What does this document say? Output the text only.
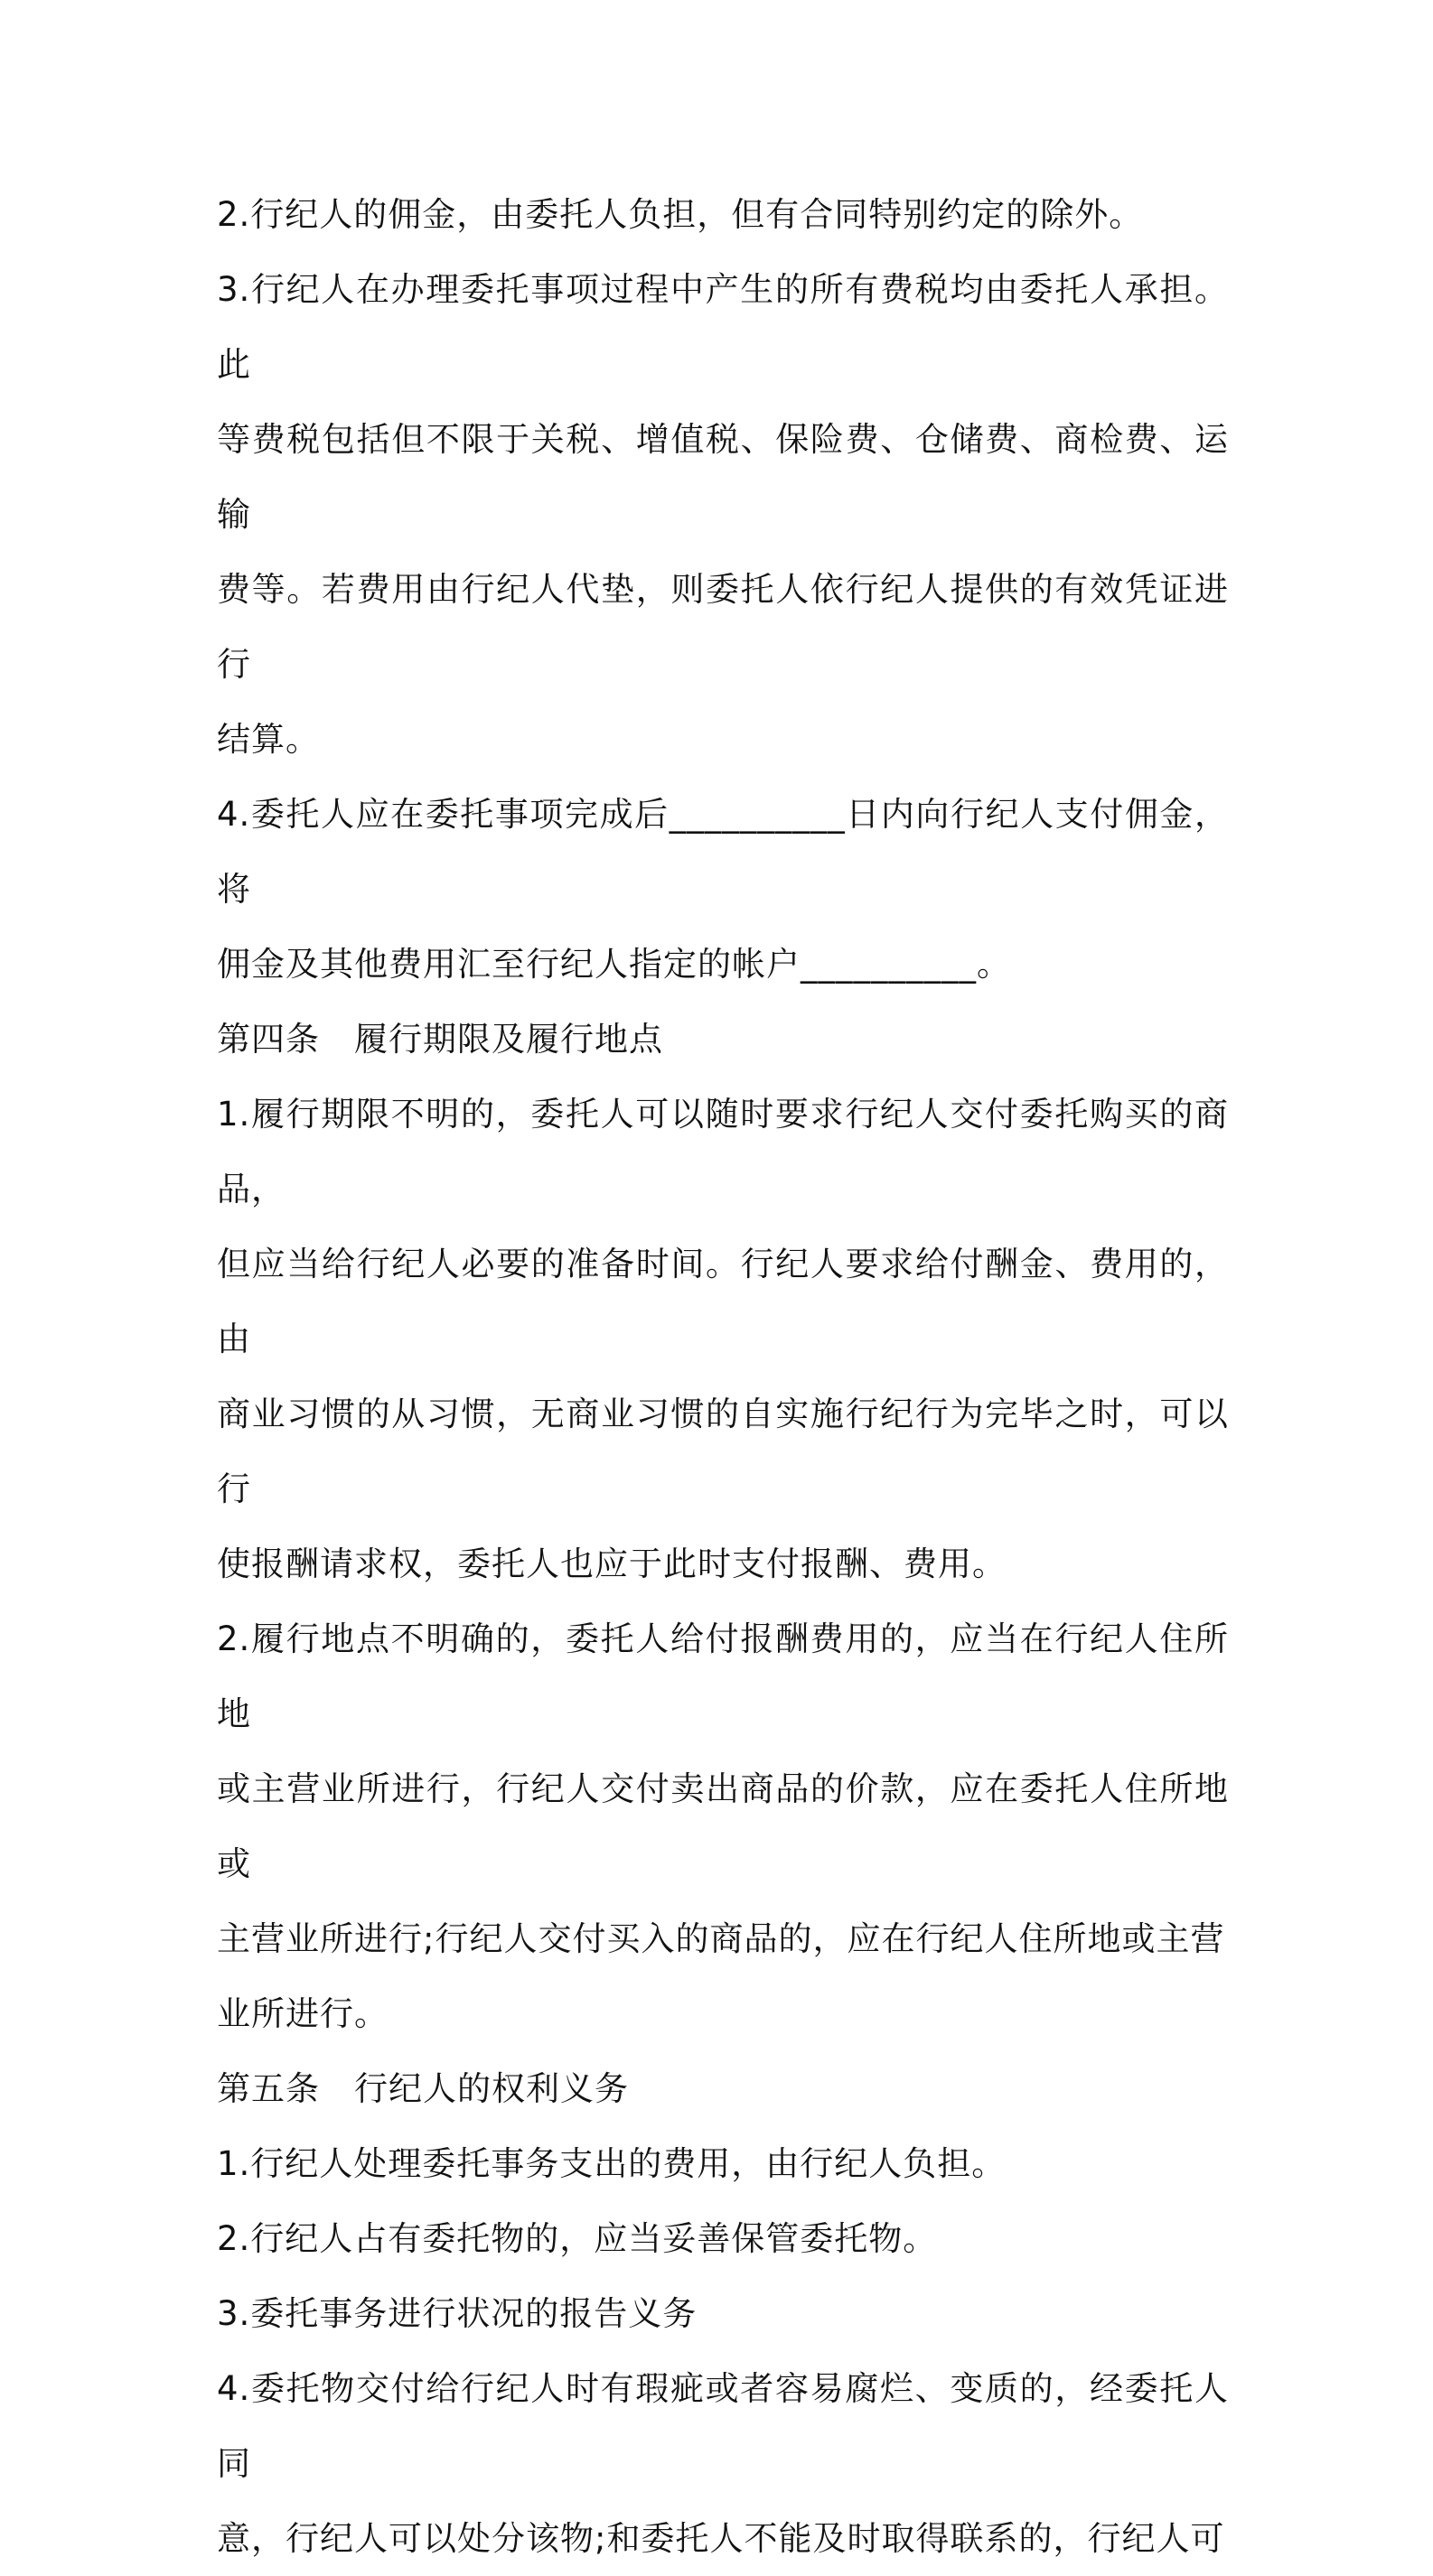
2.行纪人的佣金，由委托人负担，但有合同特别约定的除外。
3.行纪人在办理委托事项过程中产生的所有费税均由委托人承担。此
等费税包括但不限于关税、增值税、保险费、仓储费、商检费、运输
费等。若费用由行纪人代垫，则委托人依行纪人提供的有效凭证进行
结算。
4.委托人应在委托事项完成后__________日内向行纪人支付佣金，将
佣金及其他费用汇至行纪人指定的帐户__________。
第四条　履行期限及履行地点
1.履行期限不明的，委托人可以随时要求行纪人交付委托购买的商品，
但应当给行纪人必要的准备时间。行纪人要求给付酬金、费用的，由
商业习惯的从习惯，无商业习惯的自实施行纪行为完毕之时，可以行
使报酬请求权，委托人也应于此时支付报酬、费用。
2.履行地点不明确的，委托人给付报酬费用的，应当在行纪人住所地
或主营业所进行，行纪人交付卖出商品的价款，应在委托人住所地或
主营业所进行;行纪人交付买入的商品的，应在行纪人住所地或主营
业所进行。
第五条　行纪人的权利义务
1.行纪人处理委托事务支出的费用，由行纪人负担。
2.行纪人占有委托物的，应当妥善保管委托物。
3.委托事务进行状况的报告义务
4.委托物交付给行纪人时有瑕疵或者容易腐烂、变质的，经委托人同
意，行纪人可以处分该物;和委托人不能及时取得联系的，行纪人可
